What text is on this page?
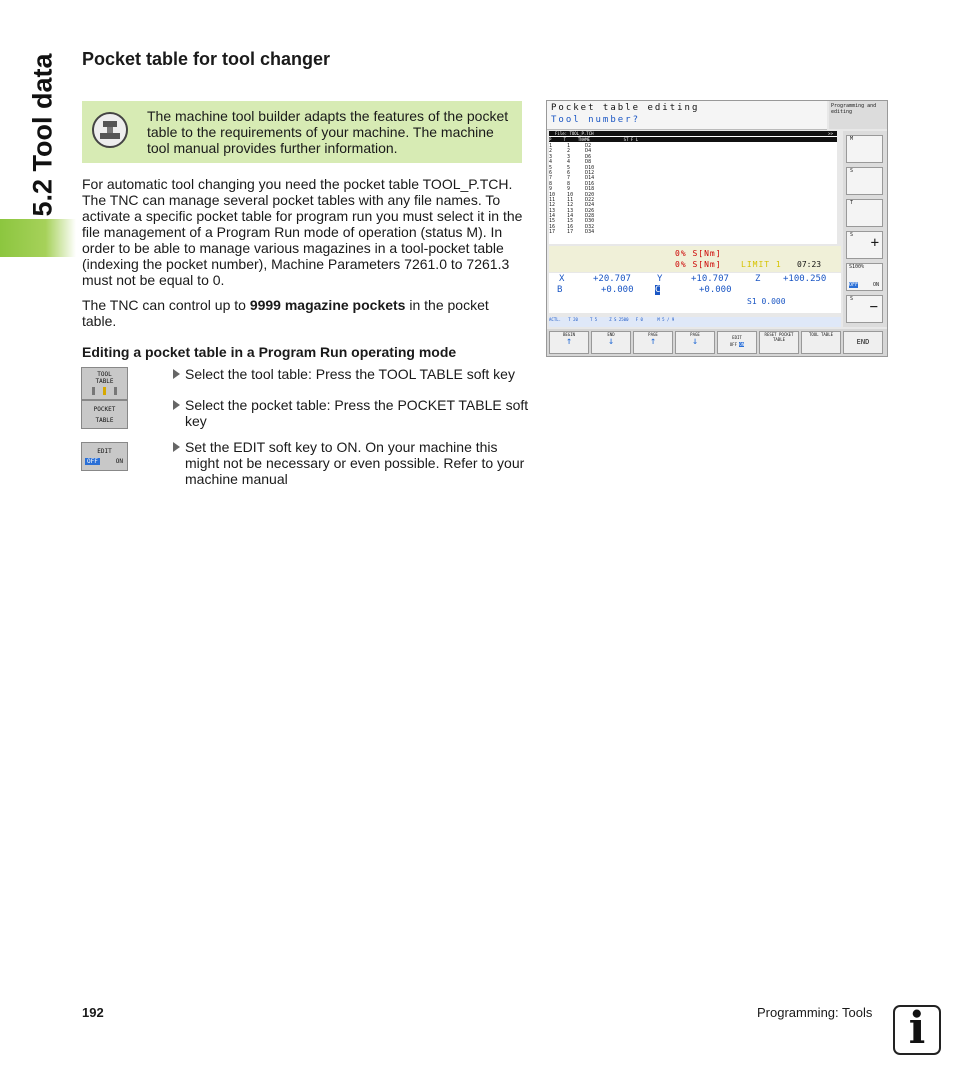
5.2 Tool data Pocket table for tool changer
The machine tool builder adapts the features of the pocket table to the requirements of your machine. The machine tool manual provides further information.
For automatic tool changing you need the pocket table TOOL_P.TCH. The TNC can manage several pocket tables with any file names. To activate a specific pocket table for program run you must select it in the file management of a Program Run mode of operation (status M). In order to be able to manage various magazines in a tool-pocket table (indexing the pocket number), Machine Parameters 7261.0 to 7261.3 must not be equal to 0.
The TNC can control up to 9999 magazine pockets in the pocket table.
Editing a pocket table in a Program Run operating mode
TOOL
TABLE	Select the tool table: Press the TOOL TABLE soft key
POCKET
TABLE
Select the pocket table: Press the POCKET TABLE soft key
EDIT
OFF	ON
Set the EDIT soft key to ON. On your machine this might not be necessary or even possible. Refer to your machine manual
Pocket table editing
Tool number?
Programming and editing
File: TOOL_P.TCH	>>
P     T     TNAME              ST F L
1     1     D2
2     2     D4
3     3     D6
4     4     D8
5     5     D10
6     6     D12
7     7     D14
8     8     D16
9     9     D18
10    10    D20
11    11    D22
12    12    D24
13    13    D26
14    14    D28
15    15    D30
16    16    D32
17    17    D34
0% S[Nm]
0% S[Nm] LIMIT 1 07:23
X	+20.707	Y	+10.707	Z	+100.250
B	+0.000 C	+0.000
S1 0.000
ACTL.   T 20     T 5     Z S 2500   F 0      M 5 / 9
M
S
T
S +
S100%
OFF	ON
S −
BEGIN
↑
END
↓
PAGE
↑
PAGE
↓	EDIT
OFF ON
RESET POCKET TABLE
TOOL TABLE
END
192	Programming: Tools i
